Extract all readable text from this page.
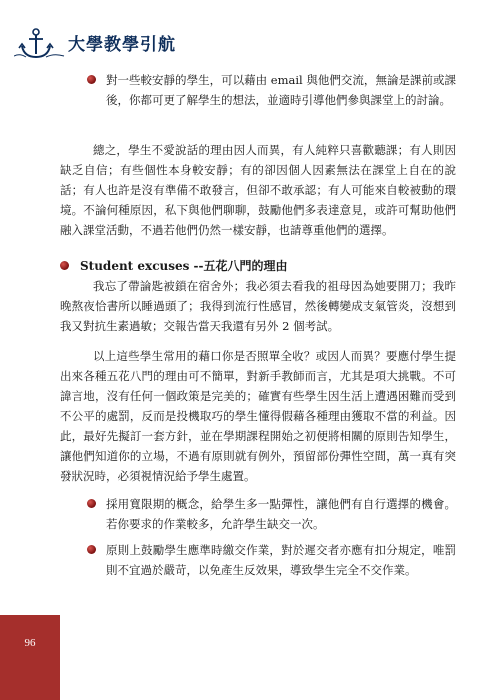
大學教學引航

對一些較安靜的學生，可以藉由 email 與他們交流，無論是課前或課後，你都可更了解學生的想法，並適時引導他們參與課堂上的討論。

總之，學生不愛說話的理由因人而異，有人純粹只喜歡聽課；有人則因缺乏自信；有些個性本身較安靜；有的卻因個人因素無法在課堂上自在的說話；有人也許是沒有準備不敢發言，但卻不敢承認；有人可能來自較被動的環境。不論何種原因，私下與他們聊聊，鼓勵他們多表達意見，或許可幫助他們融入課堂活動，不過若他們仍然一樣安靜，也請尊重他們的選擇。

Student excuses --五花八門的理由

我忘了帶論匙被鎖在宿舍外；我必須去看我的祖母因為她要開刀；我昨晚熬夜恰書所以睡過頭了；我得到流行性感冒，然後轉變成支氣管炎，沒想到我又對抗生素過敏；交報告當天我還有另外 2 個考試。

以上這些學生常用的藉口你是否照單全收？或因人而異？要應付學生提出來各種五花八門的理由可不簡單，對新手教師而言，尤其是項大挑戰。不可諱言地，沒有任何一個政策是完美的；確實有些學生因生活上遭遇困難而受到不公平的處罰，反而是投機取巧的學生懂得假藉各種理由獲取不當的利益。因此，最好先擬訂一套方針，並在學期課程開始之初便將相關的原則告知學生，讓他們知道你的立場，不過有原則就有例外，預留部份彈性空間，萬一真有突發狀況時，必須視情況給予學生處置。

採用寬限期的概念，給學生多一點彈性，讓他們有自行選擇的機會。若你要求的作業較多，允許學生缺交一次。

原則上鼓勵學生應準時繳交作業，對於遲交者亦應有扣分規定，唯罰則不宜過於嚴苛，以免產生反效果，導致學生完全不交作業。

96
